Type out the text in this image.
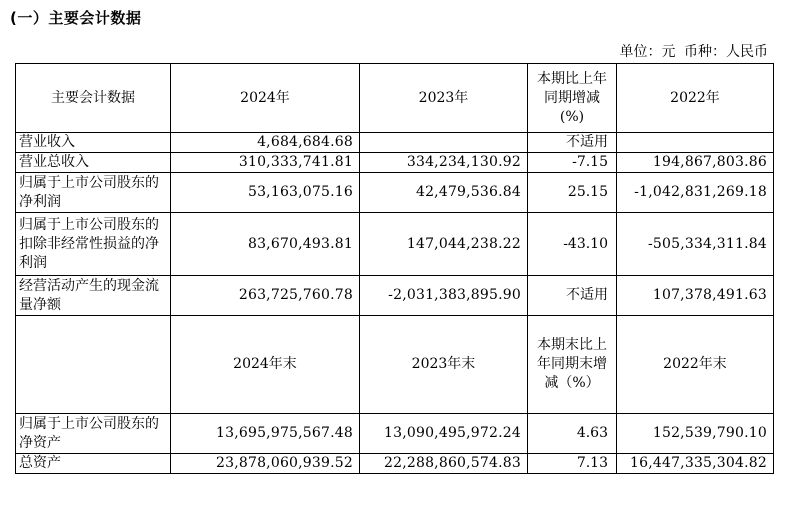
(一）主要会计数据
单位：元 币种：人民币
主要会计数据	2024年	2023年	本期比上年同期增减(%)	2022年
营业收入	4,684,684.68		不适用	
营业总收入	310,333,741.81	334,234,130.92	-7.15	194,867,803.86
归属于上市公司股东的净利润	53,163,075.16	42,479,536.84	25.15	-1,042,831,269.18
归属于上市公司股东的扣除非经常性损益的净利润	83,670,493.81	147,044,238.22	-43.10	-505,334,311.84
经营活动产生的现金流量净额	263,725,760.78	-2,031,383,895.90	不适用	107,378,491.63
	2024年末	2023年末	本期末比上年同期末增减（%）	2022年末
归属于上市公司股东的净资产	13,695,975,567.48	13,090,495,972.24	4.63	152,539,790.10
总资产	23,878,060,939.52	22,288,860,574.83	7.13	16,447,335,304.82
